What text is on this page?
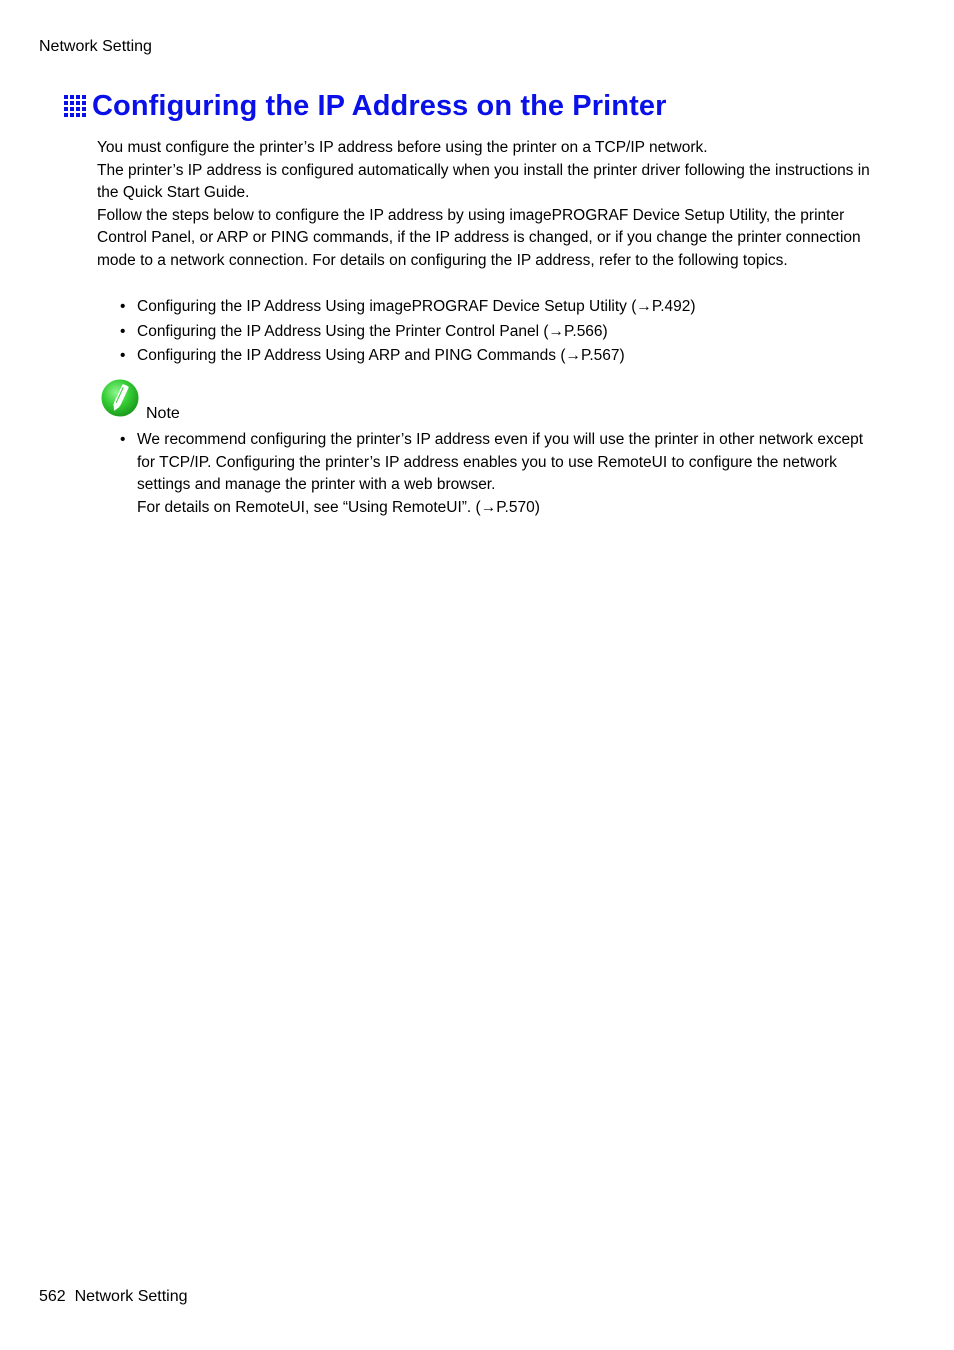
Network Setting
Configuring the IP Address on the Printer

You must configure the printer’s IP address before using the printer on a TCP/IP network.

The printer’s IP address is configured automatically when you install the printer driver following the instructions in the Quick Start Guide.

Follow the steps below to configure the IP address by using imagePROGRAF Device Setup Utility, the printer Control Panel, or ARP or PING commands, if the IP address is changed, or if you change the printer connection mode to a network connection. For details on configuring the IP address, refer to the following topics.

• Configuring the IP Address Using imagePROGRAF Device Setup Utility (→P.492)
• Configuring the IP Address Using the Printer Control Panel (→P.566)
• Configuring the IP Address Using ARP and PING Commands (→P.567)
Note
• We recommend configuring the printer’s IP address even if you will use the printer in other network except for TCP/IP. Configuring the printer’s IP address enables you to use RemoteUI to configure the network settings and manage the printer with a web browser.

For details on RemoteUI, see “Using RemoteUI”. (→P.570)

562 Network Setting
